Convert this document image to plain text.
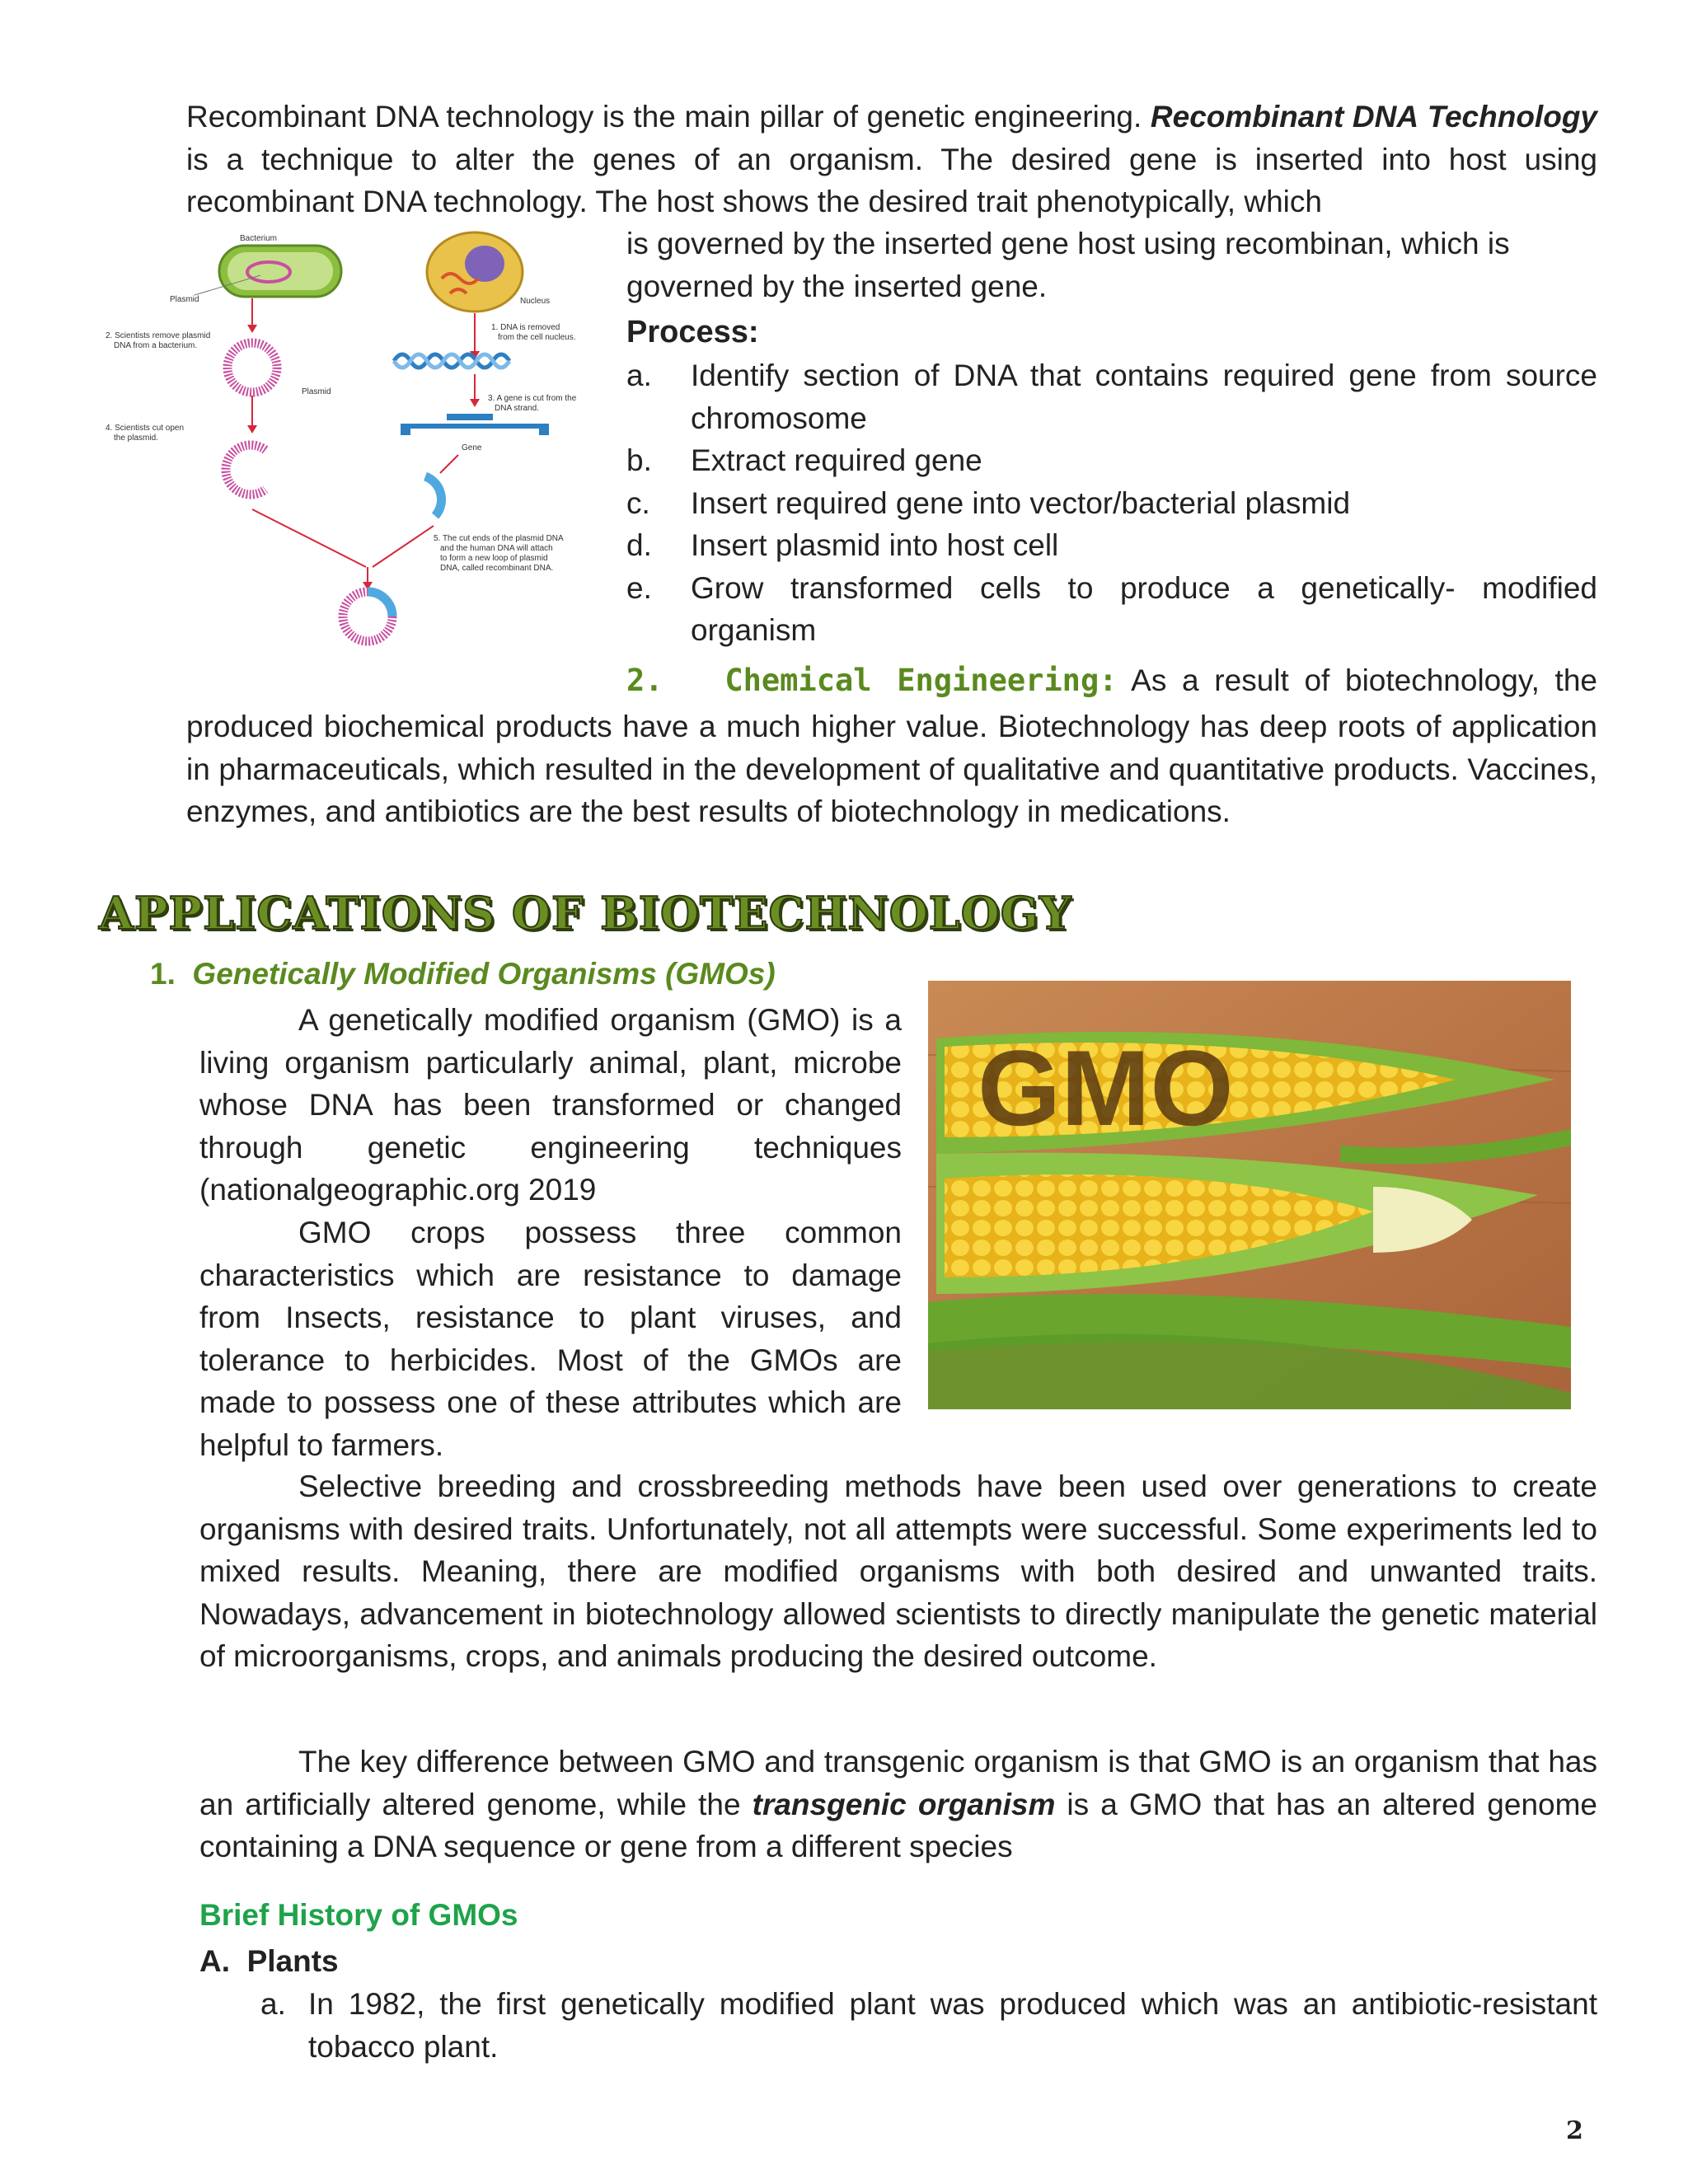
Recombinant DNA technology is the main pillar of genetic engineering. Recombinant DNA Technology is a technique to alter the genes of an organism. The desired gene is inserted into host using recombinant DNA technology. The host shows the desired trait phenotypically, which

Bacterium
Plasmid	Nucleus
1. DNA is removed
from the cell nucleus.
2. Scientists remove plasmid
DNA from a bacterium.
Plasmid
3. A gene is cut from the
DNA strand.
Gene
4. Scientists cut open
the plasmid.
5. The cut ends of the plasmid DNA
and the human DNA will attach
to form a new loop of plasmid
DNA, called recombinant DNA.

is governed by the inserted gene host using recombinan, which is governed by the inserted gene.

Process:
a.	Identify section of DNA that contains required gene from source chromosome
b.	Extract required gene
c.	Insert required gene into vector/bacterial plasmid
d.	Insert plasmid into host cell
e.	Grow transformed cells to produce a genetically- modified organism
2. Chemical Engineering: As a result of biotechnology, the

produced biochemical products have a much higher value. Biotechnology has deep roots of application in pharmaceuticals, which resulted in the development of qualitative and quantitative products. Vaccines, enzymes, and antibiotics are the best results of biotechnology in medications.

APPLICATIONS OF BIOTECHNOLOGY
1. Genetically Modified Organisms (GMOs)

A genetically modified organism (GMO) is a living organism particularly animal, plant, microbe whose DNA has been transformed or changed through genetic engineering techniques (nationalgeographic.org 2019

GMO crops possess three common characteristics which are resistance to damage from Insects, resistance to plant viruses, and tolerance to herbicides. Most of the GMOs are made to possess one of these attributes which are helpful to farmers.

GMO

Selective breeding and crossbreeding methods have been used over generations to create organisms with desired traits. Unfortunately, not all attempts were successful. Some experiments led to mixed results. Meaning, there are modified organisms with both desired and unwanted traits. Nowadays, advancement in biotechnology allowed scientists to directly manipulate the genetic material of microorganisms, crops, and animals producing the desired outcome.

The key difference between GMO and transgenic organism is that GMO is an organism that has an artificially altered genome, while the transgenic organism is a GMO that has an altered genome containing a DNA sequence or gene from a different species

Brief History of GMOs
A. Plants
a. In 1982, the first genetically modified plant was produced which was an antibiotic-resistant tobacco plant.
2
